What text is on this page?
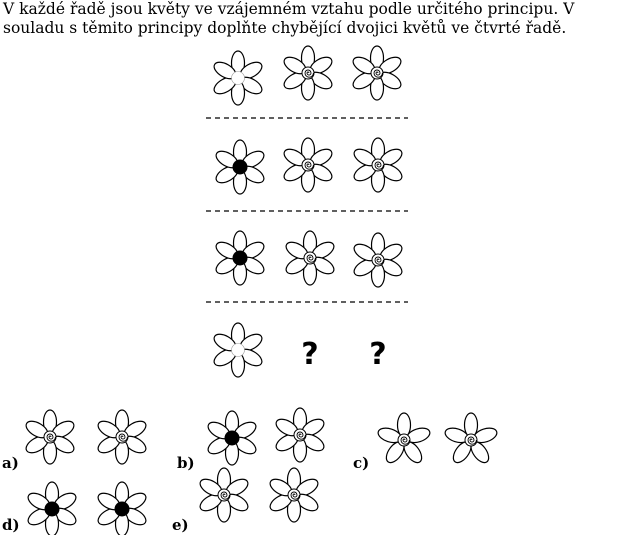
V každé řadě jsou květy ve vzájemném vztahu podle určitého principu. V souladu s těmito principy doplňte chybějící dvojici květů ve čtvrté řadě.

? ?
a)	b)	c)
d)	e)
